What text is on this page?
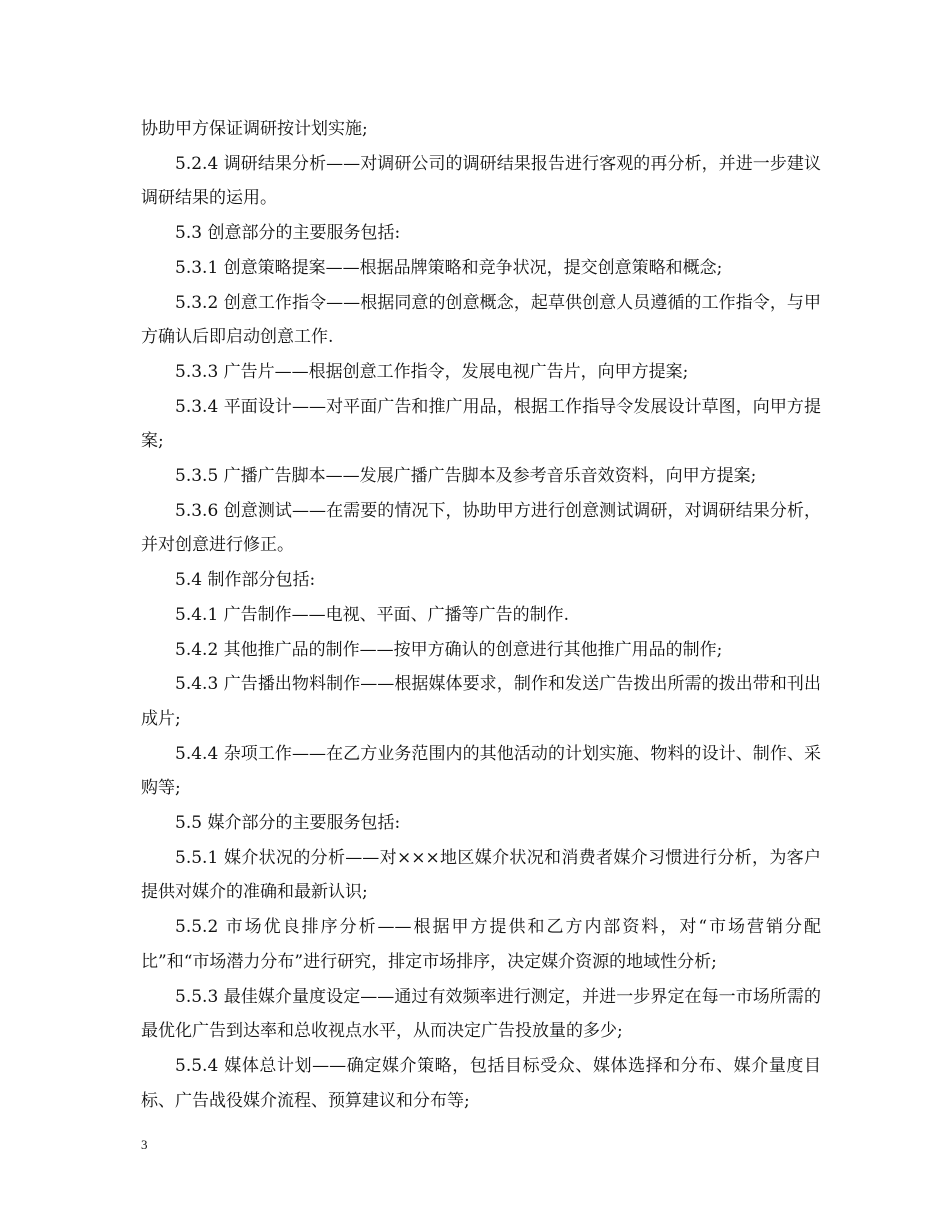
协助甲方保证调研按计划实施;

5.2.4 调研结果分析——对调研公司的调研结果报告进行客观的再分析，并进一步建议调研结果的运用。

5.3 创意部分的主要服务包括:

5.3.1 创意策略提案——根据品牌策略和竞争状况，提交创意策略和概念;

5.3.2 创意工作指令——根据同意的创意概念，起草供创意人员遵循的工作指令，与甲方确认后即启动创意工作.

5.3.3 广告片——根据创意工作指令，发展电视广告片，向甲方提案;

5.3.4 平面设计——对平面广告和推广用品，根据工作指导令发展设计草图，向甲方提案;

5.3.5 广播广告脚本——发展广播广告脚本及参考音乐音效资料，向甲方提案;

5.3.6 创意测试——在需要的情况下，协助甲方进行创意测试调研，对调研结果分析，并对创意进行修正。

5.4 制作部分包括:

5.4.1 广告制作——电视、平面、广播等广告的制作.

5.4.2 其他推广品的制作——按甲方确认的创意进行其他推广用品的制作;

5.4.3 广告播出物料制作——根据媒体要求，制作和发送广告拨出所需的拨出带和刊出成片;

5.4.4 杂项工作——在乙方业务范围内的其他活动的计划实施、物料的设计、制作、采购等;

5.5 媒介部分的主要服务包括:

5.5.1 媒介状况的分析——对×××地区媒介状况和消费者媒介习惯进行分析，为客户提供对媒介的准确和最新认识;

5.5.2 市场优良排序分析——根据甲方提供和乙方内部资料，对“市场营销分配比”和“市场潜力分布”进行研究，排定市场排序，决定媒介资源的地域性分析;

5.5.3 最佳媒介量度设定——通过有效频率进行测定，并进一步界定在每一市场所需的最优化广告到达率和总收视点水平，从而决定广告投放量的多少;

5.5.4 媒体总计划——确定媒介策略，包括目标受众、媒体选择和分布、媒介量度目标、广告战役媒介流程、预算建议和分布等;

3
